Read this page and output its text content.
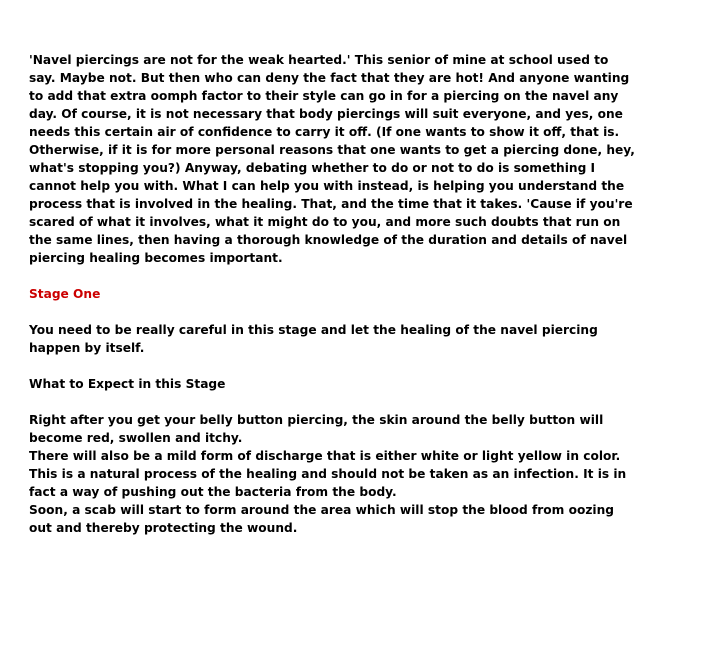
'Navel piercings are not for the weak hearted.' This senior of mine at school used to say. Maybe not. But then who can deny the fact that they are hot! And anyone wanting to add that extra oomph factor to their style can go in for a piercing on the navel any day. Of course, it is not necessary that body piercings will suit everyone, and yes, one needs this certain air of confidence to carry it off. (If one wants to show it off, that is. Otherwise, if it is for more personal reasons that one wants to get a piercing done, hey, what's stopping you?) Anyway, debating whether to do or not to do is something I cannot help you with. What I can help you with instead, is helping you understand the process that is involved in the healing. That, and the time that it takes. 'Cause if you're scared of what it involves, what it might do to you, and more such doubts that run on the same lines, then having a thorough knowledge of the duration and details of navel piercing healing becomes important.

Stage One

You need to be really careful in this stage and let the healing of the navel piercing happen by itself.

What to Expect in this Stage

Right after you get your belly button piercing, the skin around the belly button will become red, swollen and itchy.

There will also be a mild form of discharge that is either white or light yellow in color. This is a natural process of the healing and should not be taken as an infection. It is in fact a way of pushing out the bacteria from the body.

Soon, a scab will start to form around the area which will stop the blood from oozing out and thereby protecting the wound.
